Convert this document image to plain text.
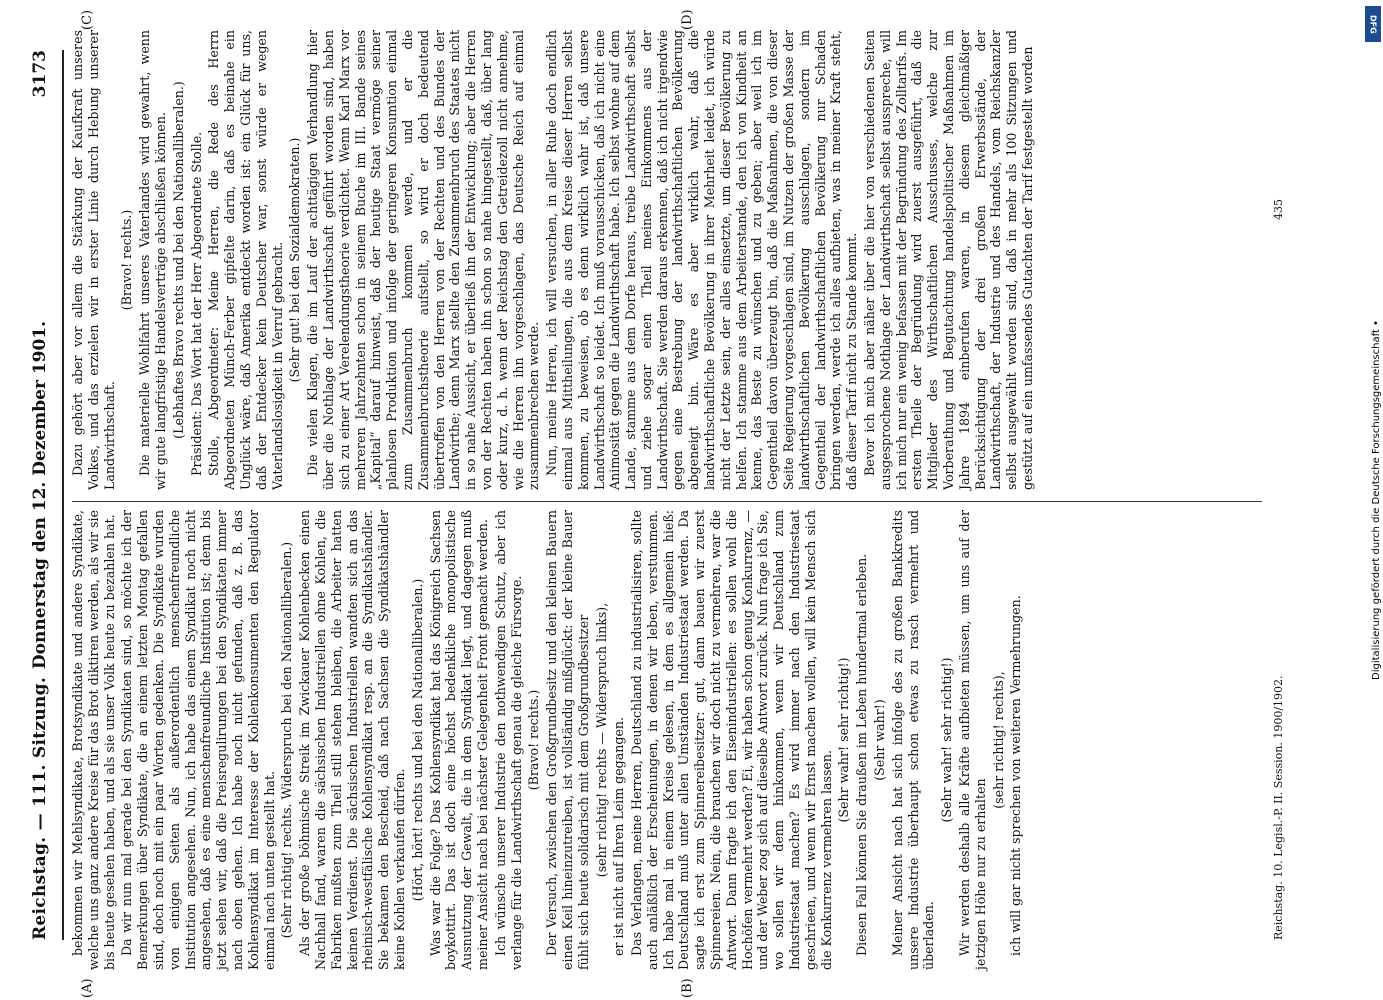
Reichstag. — 111. Sitzung.
Donnerstag den 12. Dezember 1901.
3173
(A)	(B)
(C)	(D)

bekommen wir Mehlsyndikate, Brotsyndikate und andere Syndikate, welche uns ganz andere Kreise für das Brot diktiren werden, als wir sie bis heute gesehen haben, und als sie unser Volk heute zu bezahlen hat. Da wir nun mal gerade bei den Syndikaten sind, so möchte ich der Bemerkungen über Syndikate, die an einem letzten Montag gefallen sind, doch noch mit ein paar Worten gedenken. Die Syndikate wurden von einigen Seiten als außerordentlich menschenfreundliche Institution angesehen. Nun, ich habe das einem Syndikat noch nicht angesehen, daß es eine menschenfreundliche Institution ist; denn bis jetzt sehen wir, daß die Preisregulirungen bei den Syndikaten immer nach oben gehen. Ich habe noch nicht gefunden, daß z. B. das Kohlensyndikat im Interesse der Kohlenkonsumenten den Regulator einmal nach unten gestellt hat. (Sehr richtig! rechts. Widerspruch bei den Nationalliberalen.) Als der große böhmische Streik im Zwickauer Kohlenbecken einen Nachhall fand, waren die sächsischen Industriellen ohne Kohlen, die Fabriken mußten zum Theil still stehen bleiben, die Arbeiter hatten keinen Verdienst. Die sächsischen Industriellen wandten sich an das rheinisch-westfälische Kohlensyndikat resp. an die Syndikatshändler. Sie bekamen den Bescheid, daß nach Sachsen die Syndikatshändler keine Kohlen verkaufen dürfen. (Hört, hört! rechts und bei den Nationalliberalen.) Was war die Folge? Das Kohlensyndikat hat das Königreich Sachsen boykottirt. Das ist doch eine höchst bedenkliche monopolistische Ausnutzung der Gewalt, die in dem Syndikat liegt, und dagegen muß meiner Ansicht nach bei nächster Gelegenheit Front gemacht werden. Ich wünsche unserer Industrie den nothwendigen Schutz, aber ich verlange für die Landwirthschaft genau die gleiche Fürsorge. (Bravo! rechts.) Der Versuch, zwischen den Großgrundbesitz und den kleinen Bauern einen Keil hineinzutreiben, ist vollständig mißglückt: der kleine Bauer fühlt sich heute solidarisch mit dem Großgrundbesitzer (sehr richtig! rechts — Widerspruch links), er ist nicht auf Ihren Leim gegangen. Das Verlangen, meine Herren, Deutschland zu industrialisiren, sollte auch anläßlich der Erscheinungen, in denen wir leben, verstummen. Ich habe mal in einem Kreise gelesen, in dem es allgemein hieß: Deutschland muß unter allen Umständen Industriestaat werden. Da sagte ich erst zum Spinnereibesitzer: gut, dann bauen wir zuerst Spinnereien. Nein, die brauchen wir doch nicht zu vermehren, war die Antwort. Dann fragte ich den Eisenindustriellen: es sollen wohl die Hochöfen vermehrt werden? Ei, wir haben schon genug Konkurrenz, — und der Weber zog sich auf dieselbe Antwort zurück. Nun frage ich Sie, wo sollen wir denn hinkommen, wenn wir Deutschland zum Industriestaat machen? Es wird immer nach den Industriestaat geschrieen, und wenn wir Ernst machen wollen, will kein Mensch sich die Konkurrenz vermehren lassen.

(Sehr wahr! sehr richtig!) Diesen Fall können Sie draußen im Leben hundertmal erleben. (Sehr wahr!) Meiner Ansicht nach hat sich infolge des zu großen Bankkredits unsere Industrie überhaupt schon etwas zu rasch vermehrt und überladen.

(Sehr wahr! sehr richtig!) Wir werden deshalb alle Kräfte aufbieten müssen, um uns auf der jetzigen Höhe nur zu erhalten

(sehr richtig! rechts), ich will gar nicht sprechen von weiteren Vermehrungen.

Dazu gehört aber vor allem die Stärkung der Kaufkraft unseres Volkes, und das erzielen wir in erster Linie durch Hebung unserer Landwirthschaft.

(Bravo! rechts.) Die materielle Wohlfahrt unseres Vaterlandes wird gewahrt, wenn wir gute langfristige Handelsverträge abschließen können. (Lebhaftes Bravo rechts und bei den Nationalliberalen.) Präsident: Das Wort hat der Herr Abgeordnete Stolle. Stolle, Abgeordneter: Meine Herren, die Rede des Herrn Abgeordneten Münch-Ferber gipfelte darin, daß es beinahe ein Unglück wäre, daß Amerika entdeckt worden ist: ein Glück für uns, daß der Entdecker kein Deutscher war, sonst würde er wegen Vaterlandslosigkeit in Verruf gebracht. (Sehr gut! bei den Sozialdemokraten.) Die vielen Klagen, die im Lauf der achttägigen Verhandlung hier über die Nothlage der Landwirthschaft geführt worden sind, haben sich zu einer Art Verelendungstheorie verdichtet. Wenn Karl Marx vor mehreren Jahrzehnten schon in seinem Buche im III. Bande seines „Kapital“ darauf hinweist, daß der heutige Staat vermöge seiner planlosen Produktion und infolge der geringeren Konsumtion einmal zum Zusammenbruch kommen werde, und er die Zusammenbruchstheorie aufstellt, so wird er doch bedeutend übertroffen von den Herren von der Rechten und des Bundes der Landwirthe; denn Marx stellte den Zusammenbruch des Staates nicht in so nahe Aussicht, er überließ ihn der Entwicklung; aber die Herren von der Rechten haben ihn schon so nahe hingestellt, daß, über lang oder kurz, d. h. wenn der Reichstag den Getreidezoll nicht annehme, wie die Herren ihn vorgeschlagen, das Deutsche Reich auf einmal zusammenbrechen werde. Nun, meine Herren, ich will versuchen, in aller Ruhe doch endlich einmal aus Mittheilungen, die aus dem Kreise dieser Herren selbst kommen, zu beweisen, ob es denn wirklich wahr ist, daß unsere Landwirthschaft so leidet. Ich muß vorausschicken, daß ich nicht eine Animosität gegen die Landwirthschaft habe. Ich selbst wohne auf dem Lande, stamme aus dem Dorfe heraus, treibe Landwirthschaft selbst und ziehe sogar einen Theil meines Einkommens aus der Landwirthschaft. Sie werden daraus erkennen, daß ich nicht irgendwie gegen eine Bestrebung der landwirthschaftlichen Bevölkerung abgeneigt bin. Wäre es aber wirklich wahr, daß die landwirthschaftliche Bevölkerung in ihrer Mehrheit leidet, ich würde nicht der Letzte sein, der alles einsetzte, um dieser Bevölkerung zu helfen. Ich stamme aus dem Arbeiterstande, den ich von Kindheit an kenne, das Beste zu wünschen und zu geben; aber weil ich im Gegentheil davon überzeugt bin, daß die Maßnahmen, die von dieser Seite Regierung vorgeschlagen sind, im Nutzen der großen Masse der landwirthschaftlichen Bevölkerung ausschlagen, sondern im Gegentheil der landwirthschaftlichen Bevölkerung nur Schaden bringen werden, werde ich alles aufbieten, was in meiner Kraft steht, daß dieser Tarif nicht zu Stande kommt. Bevor ich mich aber näher über die hier von verschiedenen Seiten ausgesprochene Nothlage der Landwirthschaft selbst ausspreche, will ich mich nur ein wenig befassen mit der Begründung des Zolltarifs. Im ersten Theile der Begründung wird zuerst ausgeführt, daß die Mitglieder des Wirthschaftlichen Ausschusses, welche zur Vorberathung und Begutachtung handelspolitischer Maßnahmen im Jahre 1894 einberufen waren, in diesem gleichmäßiger Berücksichtigung der drei großen Erwerbsstände, der Landwirthschaft, der Industrie und des Handels, vom Reichskanzler selbst ausgewählt worden sind, daß in mehr als 100 Sitzungen und gestützt auf ein umfassendes Gutachten der Tarif festgestellt worden

Reichstag. 10. Legisl.-P. II. Session. 1900/1902.
435
Digitalisierung gefördert durch die Deutsche Forschungsgemeinschaft •
DFG
